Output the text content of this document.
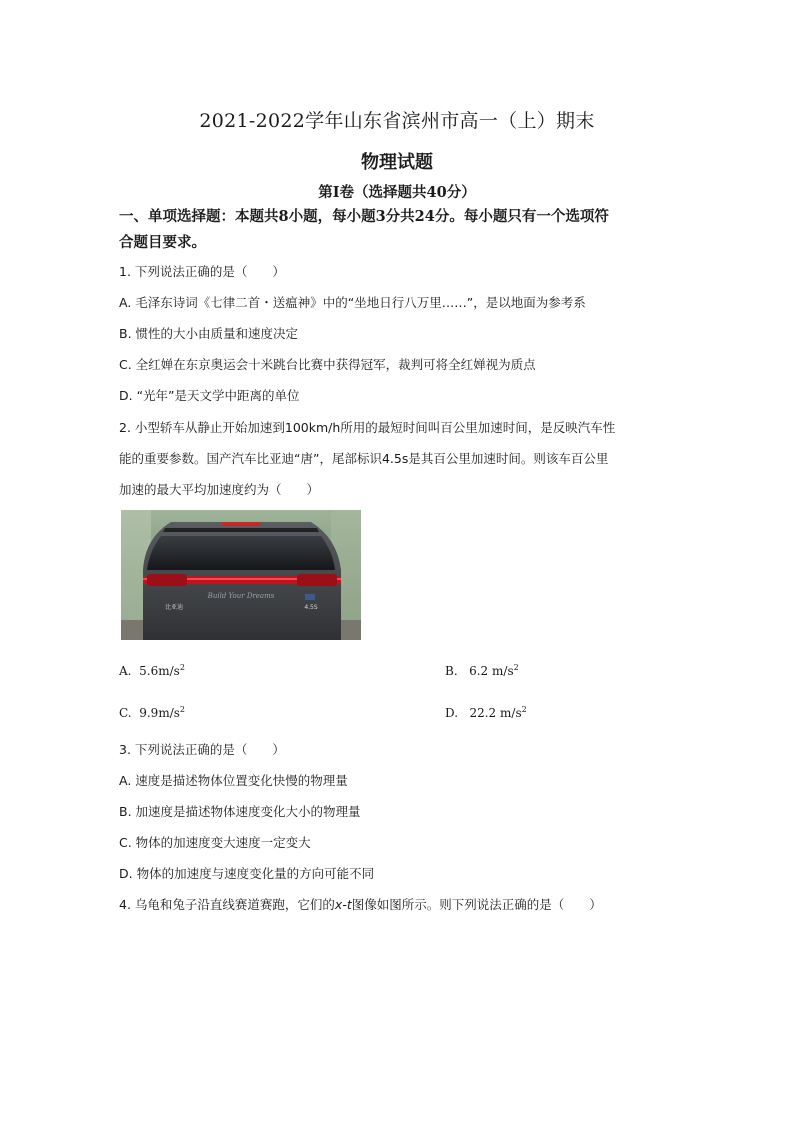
2021-2022学年山东省滨州市高一（上）期末
物理试题
第Ⅰ卷（选择题共40分）
一、单项选择题：本题共8小题，每小题3分共24分。每小题只有一个选项符
合题目要求。
1. 下列说法正确的是（　　）
A. 毛泽东诗词《七律二首・送瘟神》中的“坐地日行八万里……”，是以地面为参考系
B. 惯性的大小由质量和速度决定
C. 全红婵在东京奥运会十米跳台比赛中获得冠军，裁判可将全红婵视为质点
D. “光年”是天文学中距离的单位
2. 小型轿车从静止开始加速到100km/h所用的最短时间叫百公里加速时间，是反映汽车性
能的重要参数。国产汽车比亚迪“唐”，尾部标识4.5s是其百公里加速时间。则该车百公里
加速的最大平均加速度约为（　　）
Build Your Dreams
比亚迪	4.5S
A. $5.6m/s^2$	B. 6.2 $m/s^2$
C. $9.9m/s^2$	D. 22.2 $m/s^2$
3. 下列说法正确的是（　　）
A. 速度是描述物体位置变化快慢的物理量
B. 加速度是描述物体速度变化大小的物理量
C. 物体的加速度变大速度一定变大
D. 物体的加速度与速度变化量的方向可能不同
4. 乌龟和兔子沿直线赛道赛跑，它们的x-t图像如图所示。则下列说法正确的是（　　）
